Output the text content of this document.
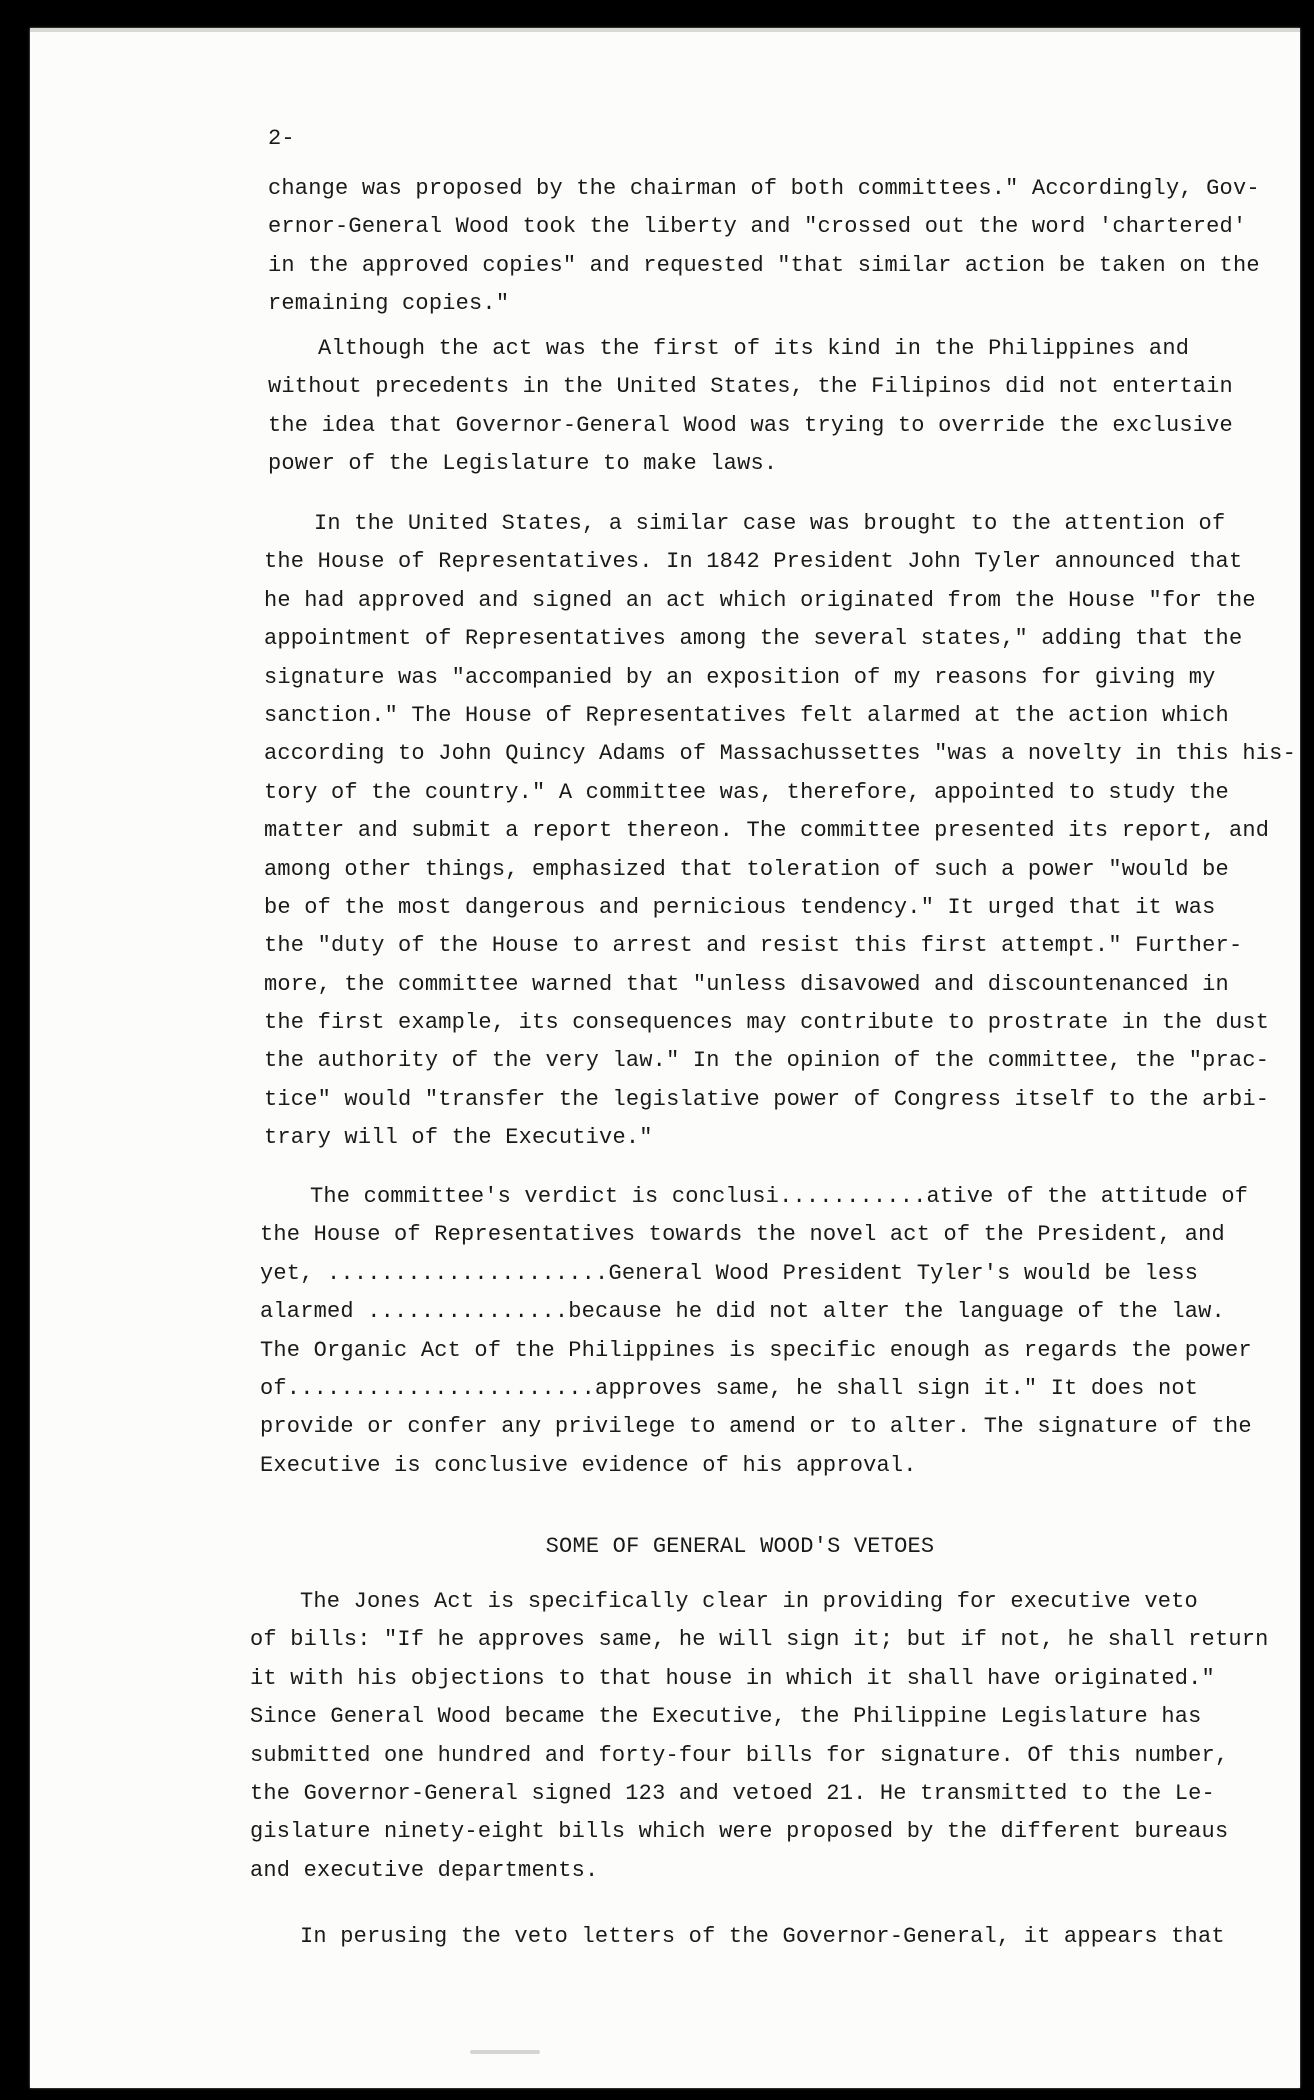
2-

change was proposed by the chairman of both committees." Accordingly, Gov-
ernor-General Wood took the liberty and "crossed out the word 'chartered'
in the approved copies" and requested "that similar action be taken on the
remaining copies."
Although the act was the first of its kind in the Philippines and
without precedents in the United States, the Filipinos did not entertain
the idea that Governor-General Wood was trying to override the exclusive
power of the Legislature to make laws.
In the United States, a similar case was brought to the attention of
the House of Representatives. In 1842 President John Tyler announced that
he had approved and signed an act which originated from the House "for the
appointment of Representatives among the several states," adding that the
signature was "accompanied by an exposition of my reasons for giving my
sanction." The House of Representatives felt alarmed at the action which
according to John Quincy Adams of Massachussettes "was a novelty in this his-
tory of the country." A committee was, therefore, appointed to study the
matter and submit a report thereon. The committee presented its report, and
among other things, emphasized that toleration of such a power "would be
be of the most dangerous and pernicious tendency." It urged that it was
the "duty of the House to arrest and resist this first attempt." Further-
more, the committee warned that "unless disavowed and discountenanced in
the first example, its consequences may contribute to prostrate in the dust
the authority of the very law." In the opinion of the committee, the "prac-
tice" would "transfer the legislative power of Congress itself to the arbi-
trary will of the Executive."
The committee's verdict is conclusi...........ative of the attitude of
the House of Representatives towards the novel act of the President, and
yet, .....................General Wood President Tyler's would be less
alarmed ...............because he did not alter the language of the law.
The Organic Act of the Philippines is specific enough as regards the power
of.......................approves same, he shall sign it." It does not
provide or confer any privilege to amend or to alter. The signature of the
Executive is conclusive evidence of his approval.

SOME OF GENERAL WOOD'S VETOES

The Jones Act is specifically clear in providing for executive veto
of bills: "If he approves same, he will sign it; but if not, he shall return
it with his objections to that house in which it shall have originated."
Since General Wood became the Executive, the Philippine Legislature has
submitted one hundred and forty-four bills for signature. Of this number,
the Governor-General signed 123 and vetoed 21. He transmitted to the Le-
gislature ninety-eight bills which were proposed by the different bureaus
and executive departments.
In perusing the veto letters of the Governor-General, it appears that
